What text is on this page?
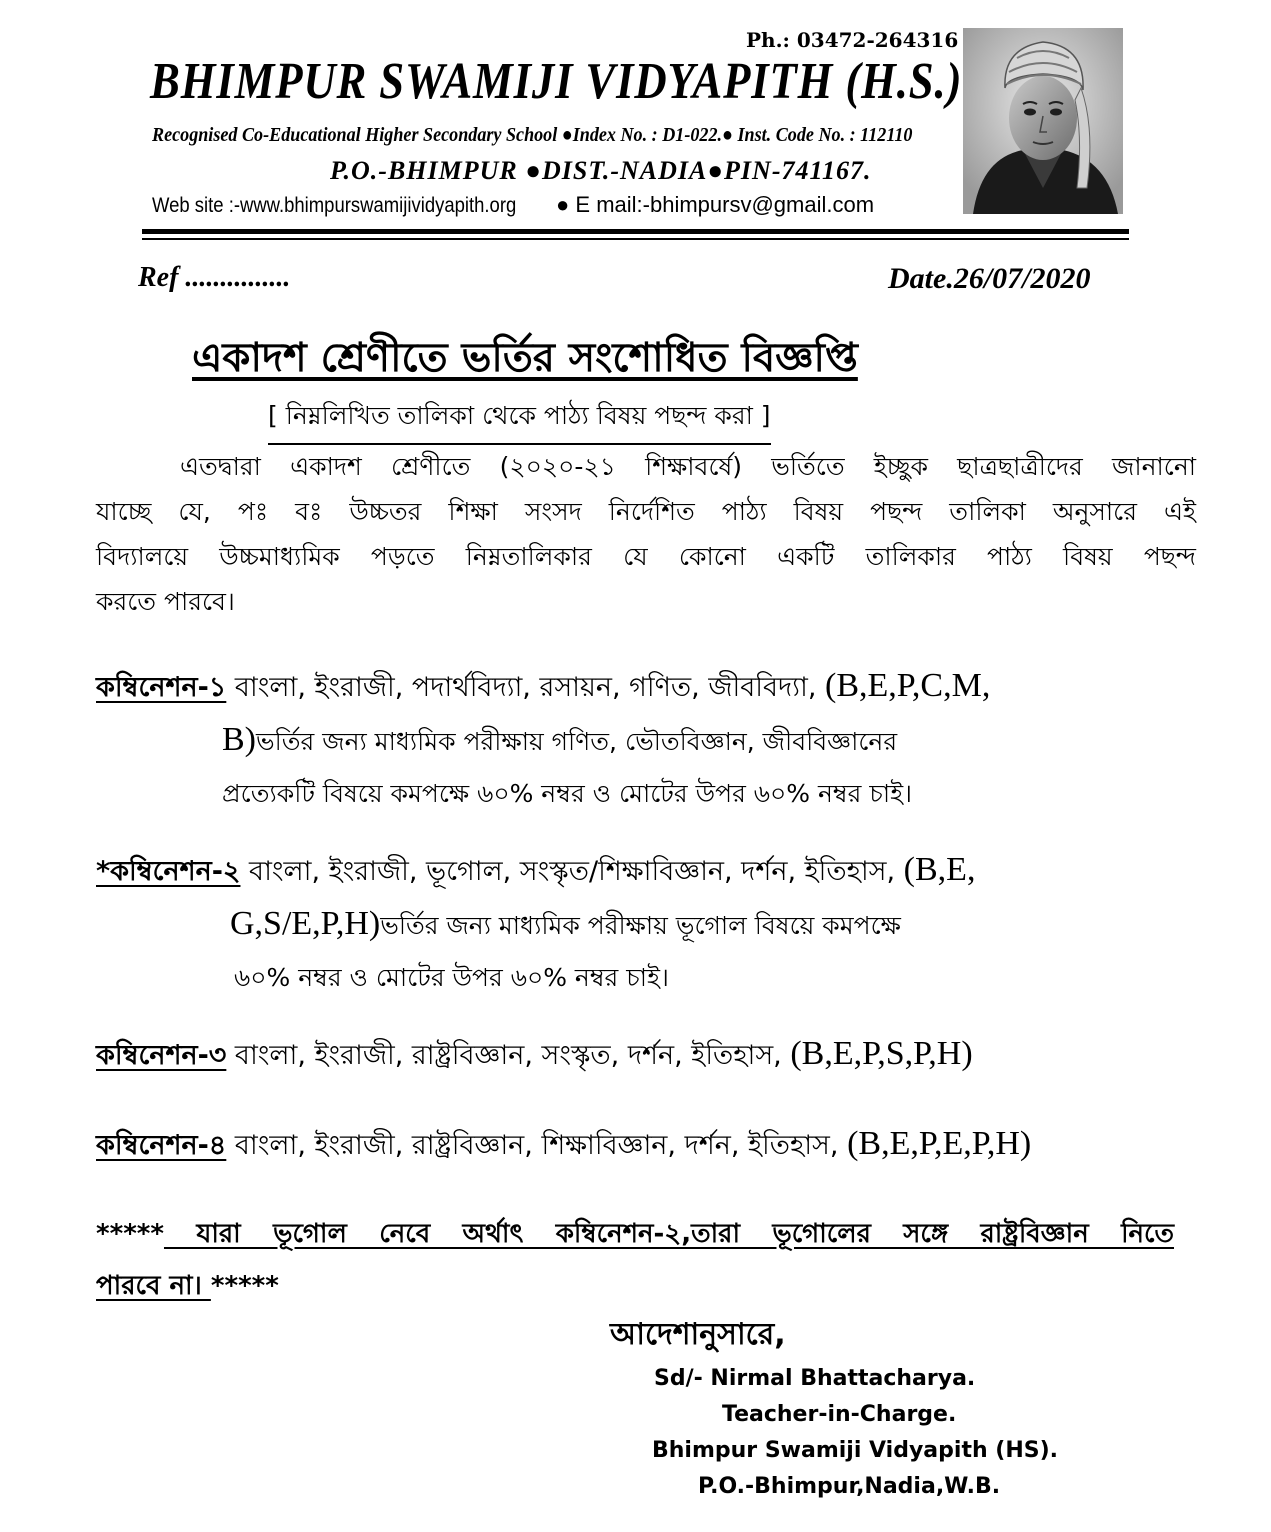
Ph.: 03472-264316
BHIMPUR SWAMIJI VIDYAPITH (H.S.)
Recognised Co-Educational Higher Secondary School ●Index No. : D1-022.● Inst. Code No. : 112110
P.O.-BHIMPUR ●DIST.-NADIA●PIN-741167.
Web site :-www.bhimpurswamijividyapith.org ● E mail:-bhimpursv@gmail.com
Ref ...............	Date.26/07/2020
একাদশ শ্রেণীতে ভর্তির সংশোধিত বিজ্ঞপ্তি
[ নিম্নলিখিত তালিকা থেকে পাঠ্য বিষয় পছন্দ করা ]
এতদ্বারা একাদশ শ্রেণীতে (২০২০-২১ শিক্ষাবর্ষে) ভর্তিতে ইচ্ছুক ছাত্রছাত্রীদের জানানো
যাচ্ছে যে, পঃ বঃ উচ্চতর শিক্ষা সংসদ নির্দেশিত পাঠ্য বিষয় পছন্দ তালিকা অনুসারে এই
বিদ্যালয়ে উচ্চমাধ্যমিক পড়তে নিম্নতালিকার যে কোনো একটি তালিকার পাঠ্য বিষয় পছন্দ
করতে পারবে।
কম্বিনেশন-১ বাংলা, ইংরাজী, পদার্থবিদ্যা, রসায়ন, গণিত, জীববিদ্যা, (B,E,P,C,M,
B)ভর্তির জন্য মাধ্যমিক পরীক্ষায় গণিত, ভৌতবিজ্ঞান, জীববিজ্ঞানের
প্রত্যেকটি বিষয়ে কমপক্ষে ৬০% নম্বর ও মোটের উপর ৬০% নম্বর চাই।
*কম্বিনেশন-২ বাংলা, ইংরাজী, ভূগোল, সংস্কৃত/শিক্ষাবিজ্ঞান, দর্শন, ইতিহাস, (B,E,
G,S/E,P,H)ভর্তির জন্য মাধ্যমিক পরীক্ষায় ভূগোল বিষয়ে কমপক্ষে
৬০% নম্বর ও মোটের উপর ৬০% নম্বর চাই।
কম্বিনেশন-৩ বাংলা, ইংরাজী, রাষ্ট্রবিজ্ঞান, সংস্কৃত, দর্শন, ইতিহাস, (B,E,P,S,P,H)
কম্বিনেশন-৪ বাংলা, ইংরাজী, রাষ্ট্রবিজ্ঞান, শিক্ষাবিজ্ঞান, দর্শন, ইতিহাস, (B,E,P,E,P,H)
***** যারা ভূগোল নেবে অর্থাৎ কম্বিনেশন-২,তারা ভূগোলের সঙ্গে রাষ্ট্রবিজ্ঞান নিতে
পারবে না। *****
আদেশানুসারে,
Sd/- Nirmal Bhattacharya.
Teacher-in-Charge.
Bhimpur Swamiji Vidyapith (HS).
P.O.-Bhimpur,Nadia,W.B.
